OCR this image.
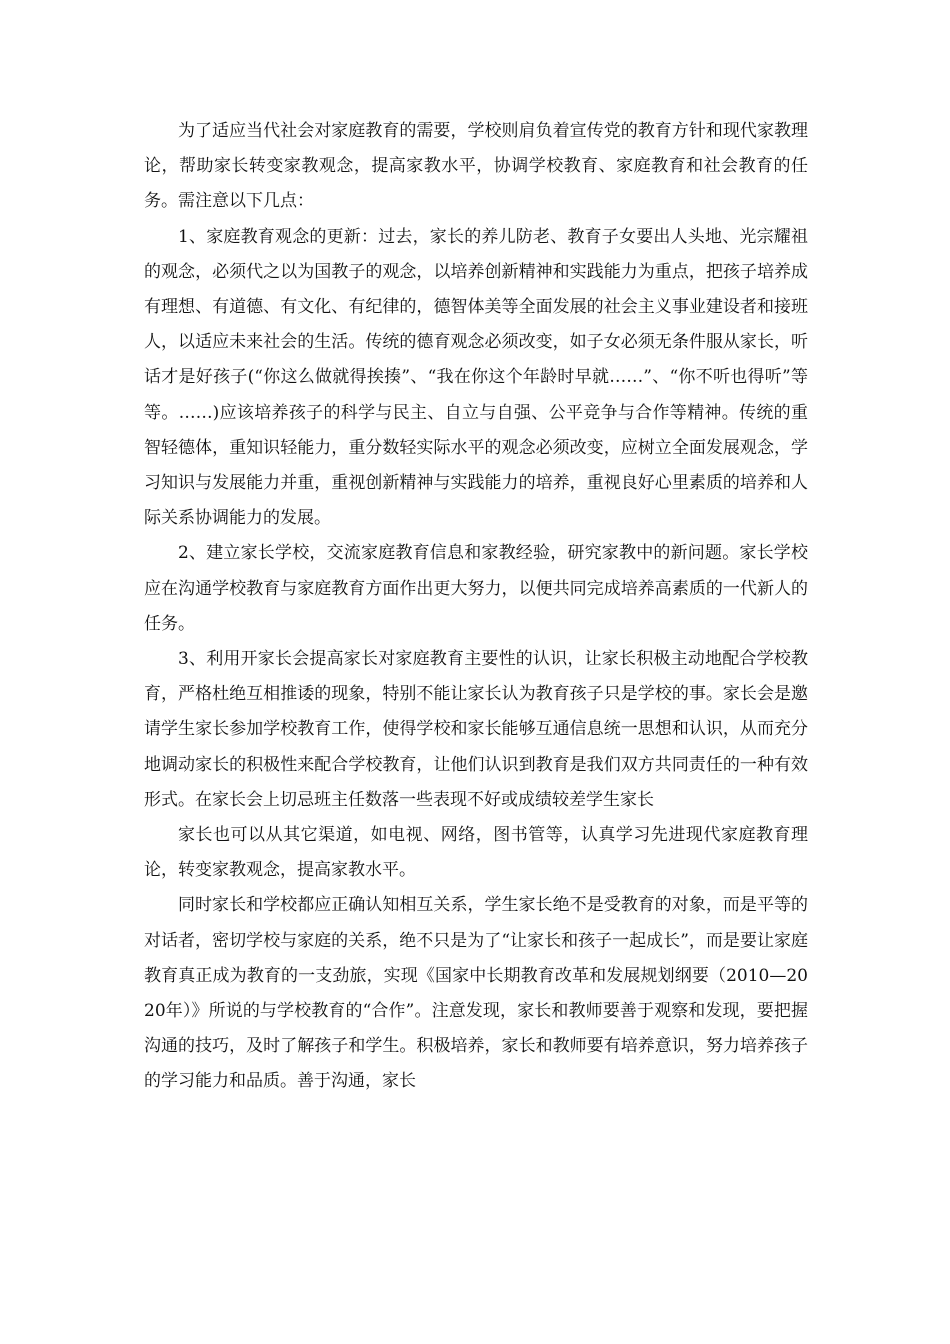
为了适应当代社会对家庭教育的需要，学校则肩负着宣传党的教育方针和现代家教理论，帮助家长转变家教观念，提高家教水平，协调学校教育、家庭教育和社会教育的任务。需注意以下几点：

1、家庭教育观念的更新：过去，家长的养儿防老、教育子女要出人头地、光宗耀祖的观念，必须代之以为国教子的观念，以培养创新精神和实践能力为重点，把孩子培养成有理想、有道德、有文化、有纪律的，德智体美等全面发展的社会主义事业建设者和接班人，以适应未来社会的生活。传统的德育观念必须改变，如子女必须无条件服从家长，听话才是好孩子(“你这么做就得挨揍”、“我在你这个年龄时早就……”、“你不听也得听”等等。……)应该培养孩子的科学与民主、自立与自强、公平竞争与合作等精神。传统的重智轻德体，重知识轻能力，重分数轻实际水平的观念必须改变，应树立全面发展观念，学习知识与发展能力并重，重视创新精神与实践能力的培养，重视良好心里素质的培养和人际关系协调能力的发展。

2、建立家长学校，交流家庭教育信息和家教经验，研究家教中的新问题。家长学校应在沟通学校教育与家庭教育方面作出更大努力，以便共同完成培养高素质的一代新人的任务。

3、利用开家长会提高家长对家庭教育主要性的认识，让家长积极主动地配合学校教育，严格杜绝互相推诿的现象，特别不能让家长认为教育孩子只是学校的事。家长会是邀请学生家长参加学校教育工作，使得学校和家长能够互通信息统一思想和认识，从而充分地调动家长的积极性来配合学校教育，让他们认识到教育是我们双方共同责任的一种有效形式。在家长会上切忌班主任数落一些表现不好或成绩较差学生家长

家长也可以从其它渠道，如电视、网络，图书管等，认真学习先进现代家庭教育理论，转变家教观念，提高家教水平。

同时家长和学校都应正确认知相互关系，学生家长绝不是受教育的对象，而是平等的对话者，密切学校与家庭的关系，绝不只是为了“让家长和孩子一起成长”，而是要让家庭教育真正成为教育的一支劲旅，实现《国家中长期教育改革和发展规划纲要（2010—2020年）》所说的与学校教育的“合作”。注意发现，家长和教师要善于观察和发现，要把握沟通的技巧，及时了解孩子和学生。积极培养，家长和教师要有培养意识，努力培养孩子的学习能力和品质。善于沟通，家长
